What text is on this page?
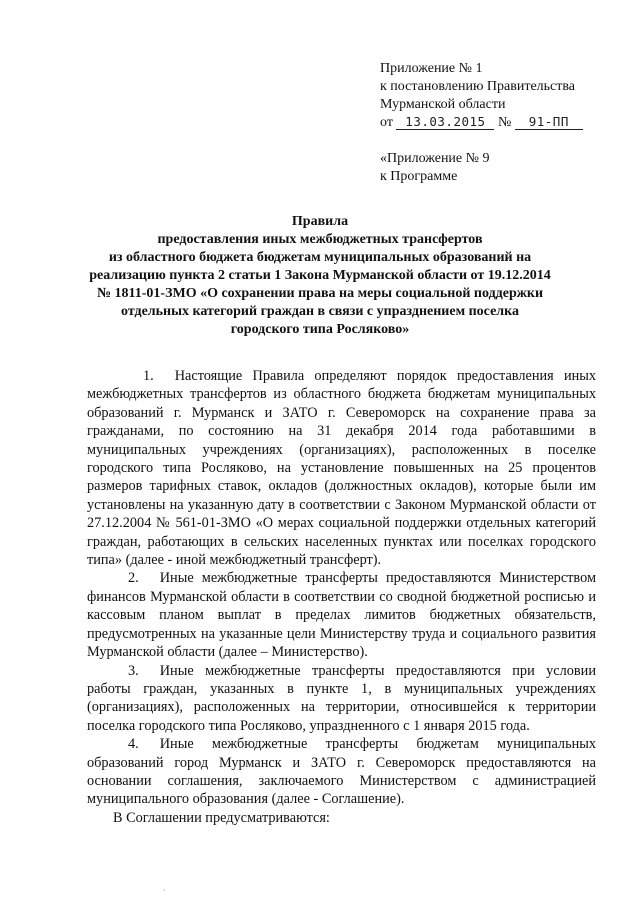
Приложение № 1
к постановлению Правительства
Мурманской области
от 13.03.2015 № 91-ПП
«Приложение № 9
к Программе
Правила
предоставления иных межбюджетных трансфертов
из областного бюджета бюджетам муниципальных образований на
реализацию пункта 2 статьи 1 Закона Мурманской области от 19.12.2014
№ 1811-01-ЗМО «О сохранении права на меры социальной поддержки
отдельных категорий граждан в связи с упразднением поселка
городского типа Росляково»

1. Настоящие Правила определяют порядок предоставления иных межбюджетных трансфертов из областного бюджета бюджетам муниципальных образований г. Мурманск и ЗАТО г. Североморск на сохранение права за гражданами, по состоянию на 31 декабря 2014 года работавшими в муниципальных учреждениях (организациях), расположенных в поселке городского типа Росляково, на установление повышенных на 25 процентов размеров тарифных ставок, окладов (должностных окладов), которые были им установлены на указанную дату в соответствии с Законом Мурманской области от 27.12.2004 № 561-01-ЗМО «О мерах социальной поддержки отдельных категорий граждан, работающих в сельских населенных пунктах или поселках городского типа» (далее - иной межбюджетный трансферт).

2. Иные межбюджетные трансферты предоставляются Министерством финансов Мурманской области в соответствии со сводной бюджетной росписью и кассовым планом выплат в пределах лимитов бюджетных обязательств, предусмотренных на указанные цели Министерству труда и социального развития Мурманской области (далее – Министерство).

3. Иные межбюджетные трансферты предоставляются при условии работы граждан, указанных в пункте 1, в муниципальных учреждениях (организациях), расположенных на территории, относившейся к территории поселка городского типа Росляково, упраздненного с 1 января 2015 года.

4. Иные межбюджетные трансферты бюджетам муниципальных образований город Мурманск и ЗАТО г. Североморск предоставляются на основании соглашения, заключаемого Министерством с администрацией муниципального образования (далее - Соглашение).

В Соглашении предусматриваются:

·
